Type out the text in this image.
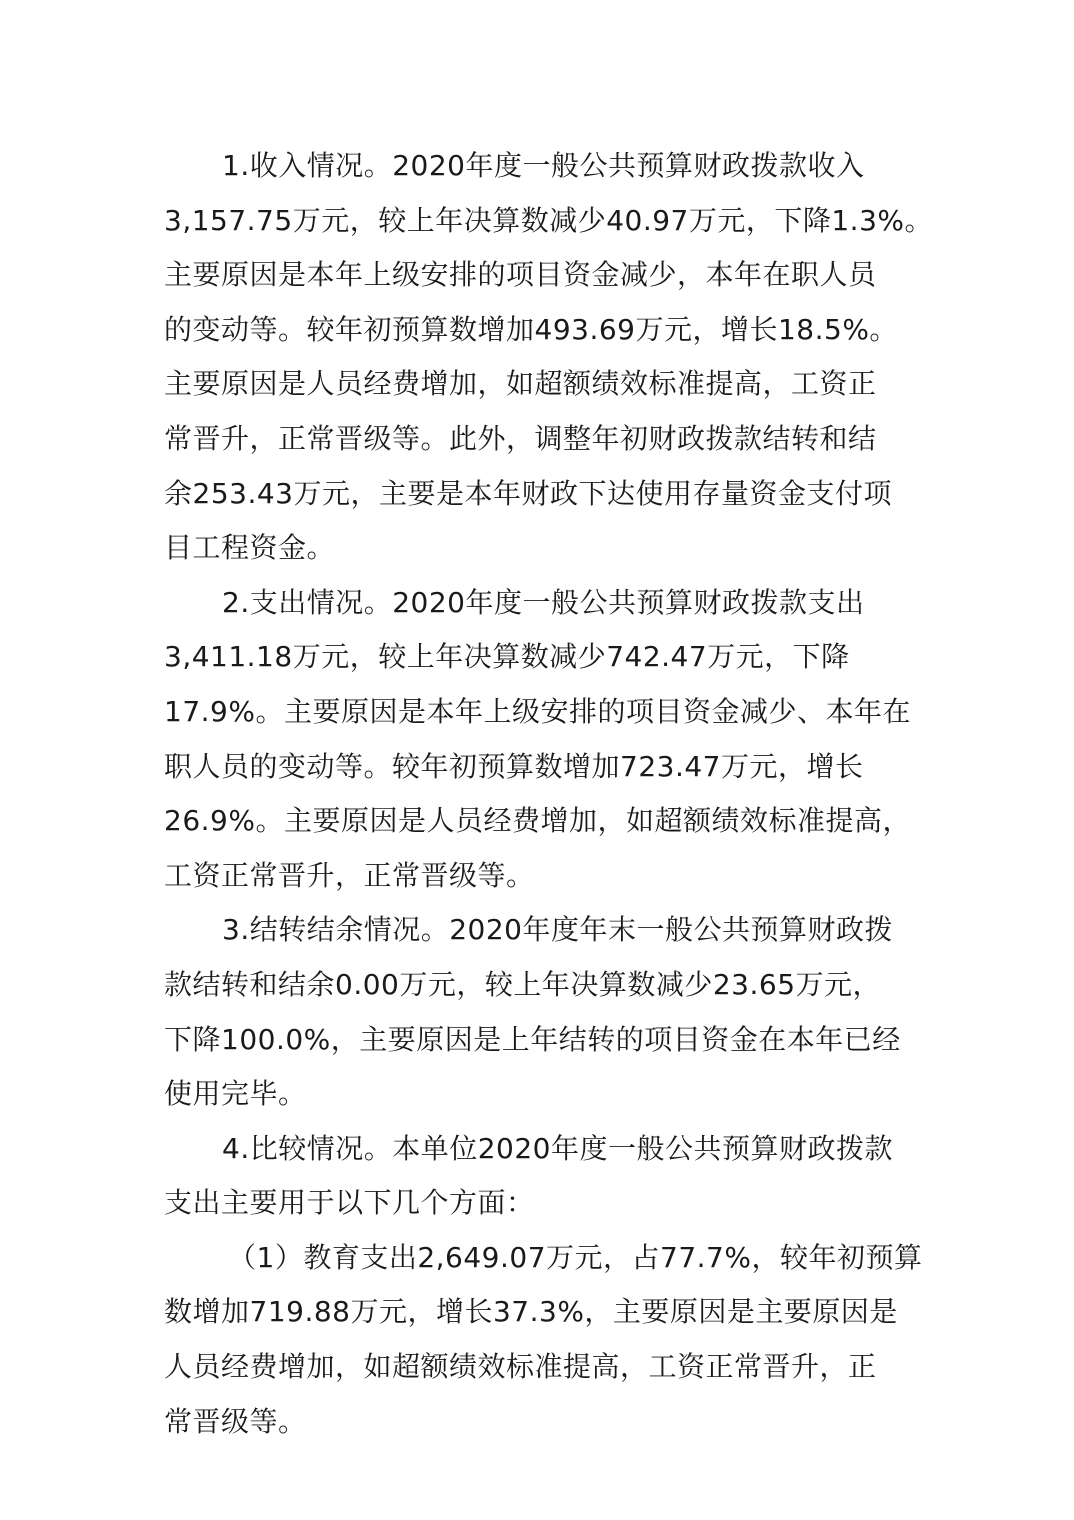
1.收入情况。2020年度一般公共预算财政拨款收入
3,157.75万元，较上年决算数减少40.97万元，下降1.3%。
主要原因是本年上级安排的项目资金减少，本年在职人员
的变动等。较年初预算数增加493.69万元，增长18.5%。
主要原因是人员经费增加，如超额绩效标准提高，工资正
常晋升，正常晋级等。此外，调整年初财政拨款结转和结
余253.43万元，主要是本年财政下达使用存量资金支付项
目工程资金。
2.支出情况。2020年度一般公共预算财政拨款支出
3,411.18万元，较上年决算数减少742.47万元，下降
17.9%。主要原因是本年上级安排的项目资金减少、本年在
职人员的变动等。较年初预算数增加723.47万元，增长
26.9%。主要原因是人员经费增加，如超额绩效标准提高，
工资正常晋升，正常晋级等。
3.结转结余情况。2020年度年末一般公共预算财政拨
款结转和结余0.00万元，较上年决算数减少23.65万元，
下降100.0%，主要原因是上年结转的项目资金在本年已经
使用完毕。
4.比较情况。本单位2020年度一般公共预算财政拨款
支出主要用于以下几个方面：
（1）教育支出2,649.07万元，占77.7%，较年初预算
数增加719.88万元，增长37.3%，主要原因是主要原因是
人员经费增加，如超额绩效标准提高，工资正常晋升，正
常晋级等。
